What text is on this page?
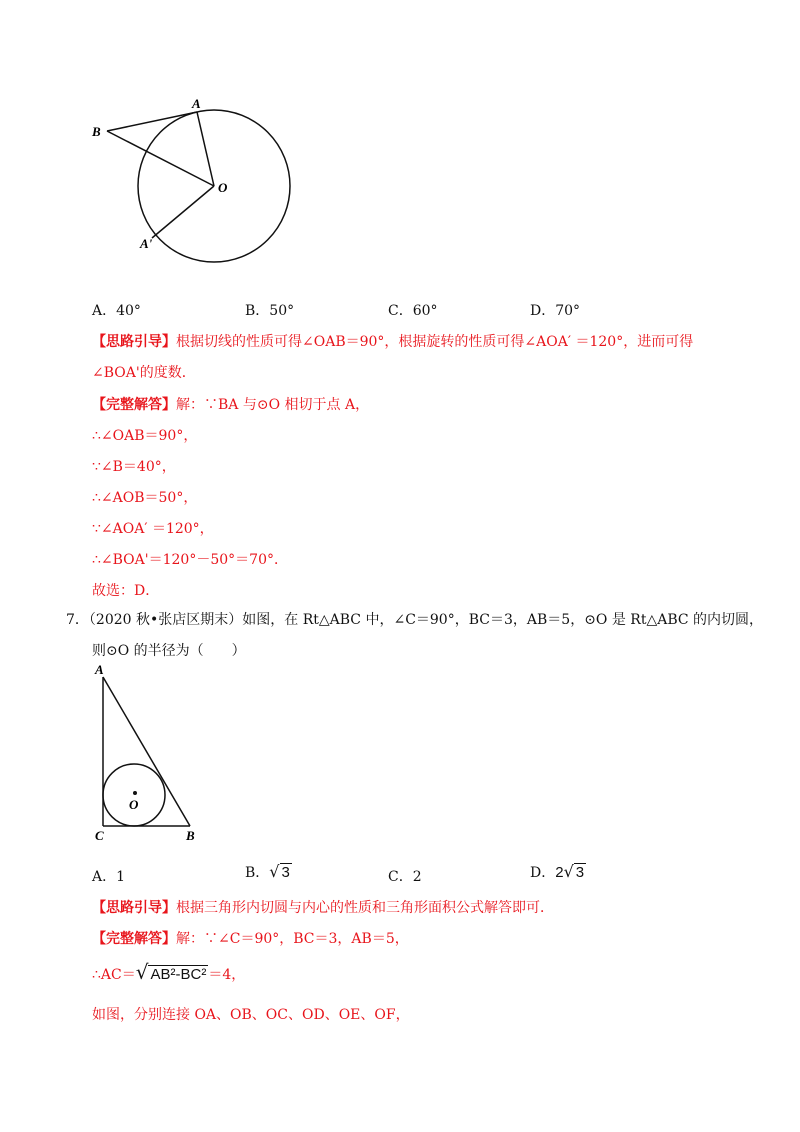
A
B
O
A'
A．40°	B．50°	C．60°	D．70°
【思路引导】根据切线的性质可得∠OAB＝90°，根据旋转的性质可得∠AOA′ ＝120°，进而可得
∠BOA'的度数．
【完整解答】解：∵BA 与⊙O 相切于点 A，
∴∠OAB＝90°，
∵∠B＝40°，
∴∠AOB＝50°，
∵∠AOA′ ＝120°，
∴∠BOA'＝120°－50°＝70°．
故选：D．
7．（2020 秋•张店区期末）如图，在 Rt△ABC 中，∠C＝90°，BC＝3，AB＝5，⊙O 是 Rt△ABC 的内切圆，
则⊙O 的半径为（　　）
A
O
C	B
A．1	B．√ 3	C．2	D．2√ 3
【思路引导】根据三角形内切圆与内心的性质和三角形面积公式解答即可．
【完整解答】解：∵∠C＝90°，BC＝3，AB＝5，
∴AC＝√ AB²-BC² ＝4，
如图，分别连接 OA、OB、OC、OD、OE、OF，
